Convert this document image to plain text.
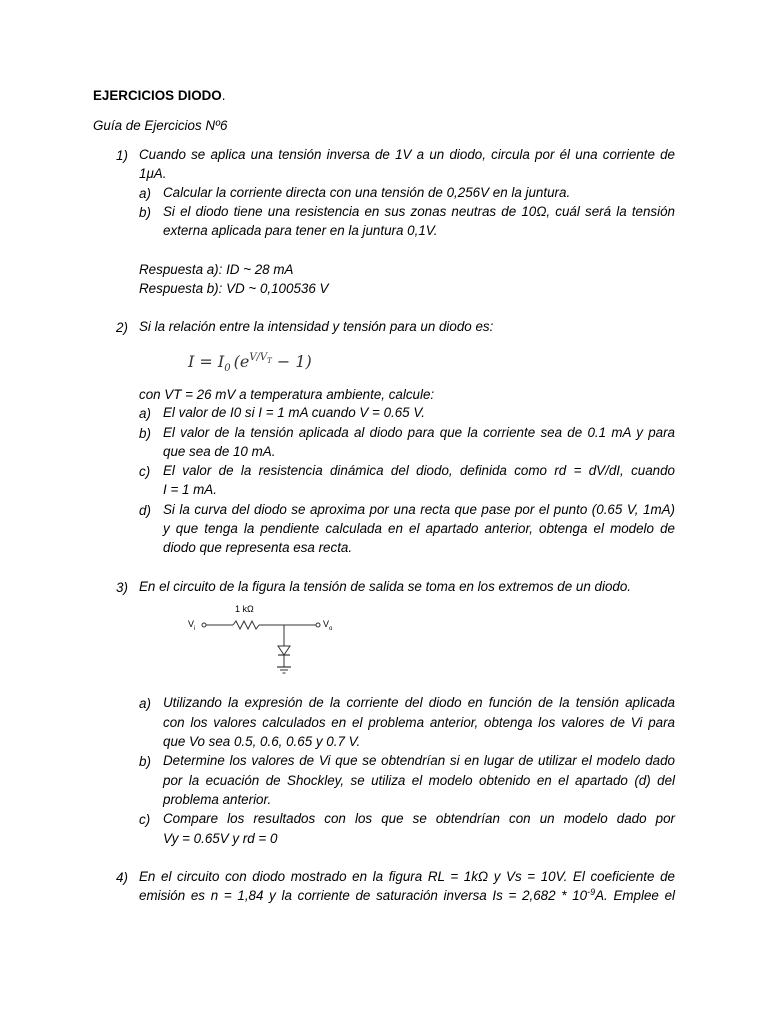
EJERCICIOS DIODO.
Guía de Ejercicios Nº6
1) Cuando se aplica una tensión inversa de 1V a un diodo, circula por él una corriente de
1μA.
a) Calcular la corriente directa con una tensión de 0,256V en la juntura.
b) Si el diodo tiene una resistencia en sus zonas neutras de 10Ω, cuál será la tensión
externa aplicada para tener en la juntura 0,1V.
Respuesta a): ID ~ 28 mA
Respuesta b): VD ~ 0,100536 V
2) Si la relación entre la intensidad y tensión para un diodo es:
$I = I_0$ $(e^{V/V_T} - 1)$
con VT = 26 mV a temperatura ambiente, calcule:
a) El valor de I0 si I = 1 mA cuando V = 0.65 V.
b) El valor de la tensión aplicada al diodo para que la corriente sea de 0.1 mA y para
que sea de 10 mA.
c) El valor de la resistencia dinámica del diodo, definida como rd = dV/dI, cuando
I = 1 mA.
d) Si la curva del diodo se aproxima por una recta que pase por el punto (0.65 V, 1mA)
y que tenga la pendiente calculada en el apartado anterior, obtenga el modelo de
diodo que representa esa recta.
3) En el circuito de la figura la tensión de salida se toma en los extremos de un diodo.
1 kΩ
$V_i$	$V_o$
a) Utilizando la expresión de la corriente del diodo en función de la tensión aplicada
con los valores calculados en el problema anterior, obtenga los valores de Vi para
que Vo sea 0.5, 0.6, 0.65 y 0.7 V.
b) Determine los valores de Vi que se obtendrían si en lugar de utilizar el modelo dado
por la ecuación de Shockley, se utiliza el modelo obtenido en el apartado (d) del
problema anterior.
c) Compare los resultados con los que se obtendrían con un modelo dado por
Vy = 0.65V y rd = 0
4) En el circuito con diodo mostrado en la figura RL = 1kΩ y Vs = 10V. El coeficiente de
emisión es n = 1,84 y la corriente de saturación inversa $Is = 2,682 * 10^{-9}A$. Emplee el
